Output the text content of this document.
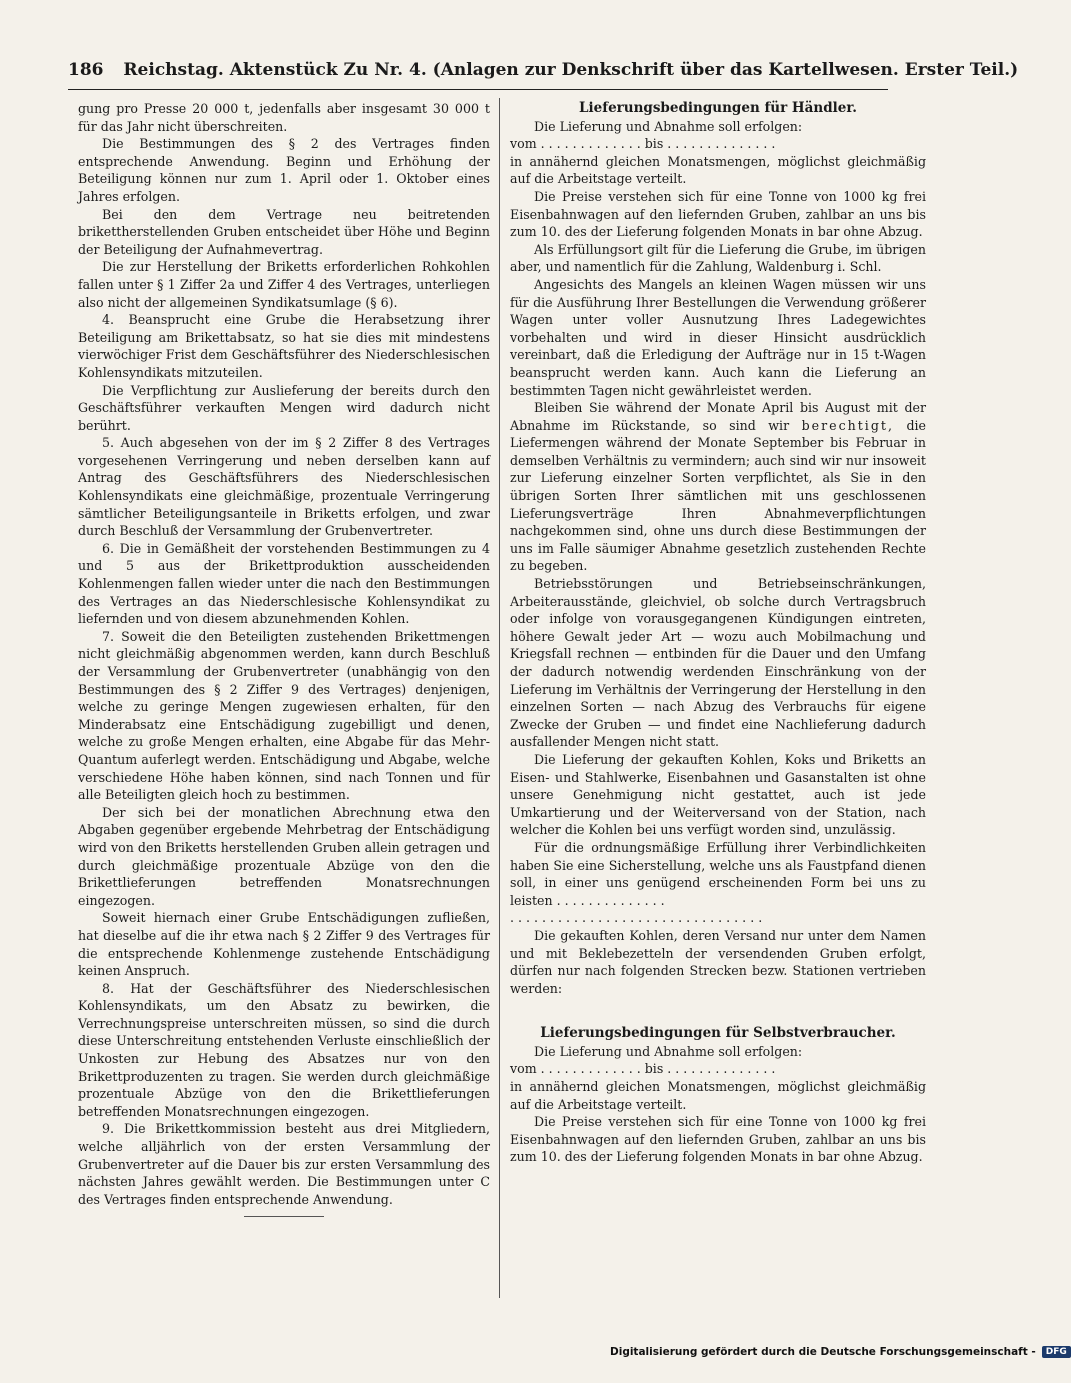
186 Reichstag. Aktenstück Zu Nr. 4. (Anlagen zur Denkschrift über das Kartellwesen. Erster Teil.)

gung pro Presse 20 000 t, jedenfalls aber insgesamt 30 000 t für das Jahr nicht überschreiten.

Die Bestimmungen des § 2 des Vertrages finden entsprechende Anwendung. Beginn und Erhöhung der Beteiligung können nur zum 1. April oder 1. Oktober eines Jahres erfolgen.

Bei den dem Vertrage neu beitretenden brikettherstellenden Gruben entscheidet über Höhe und Beginn der Beteiligung der Aufnahmevertrag.

Die zur Herstellung der Briketts erforderlichen Rohkohlen fallen unter § 1 Ziffer 2a und Ziffer 4 des Vertrages, unterliegen also nicht der allgemeinen Syndikatsumlage (§ 6).

4. Beansprucht eine Grube die Herabsetzung ihrer Beteiligung am Brikettabsatz, so hat sie dies mit mindestens vierwöchiger Frist dem Geschäftsführer des Niederschlesischen Kohlensyndikats mitzuteilen.

Die Verpflichtung zur Auslieferung der bereits durch den Geschäftsführer verkauften Mengen wird dadurch nicht berührt.

5. Auch abgesehen von der im § 2 Ziffer 8 des Vertrages vorgesehenen Verringerung und neben derselben kann auf Antrag des Geschäftsführers des Niederschlesischen Kohlensyndikats eine gleichmäßige, prozentuale Verringerung sämtlicher Beteiligungsanteile in Briketts erfolgen, und zwar durch Beschluß der Versammlung der Grubenvertreter.

6. Die in Gemäßheit der vorstehenden Bestimmungen zu 4 und 5 aus der Brikettproduktion ausscheidenden Kohlenmengen fallen wieder unter die nach den Bestimmungen des Vertrages an das Niederschlesische Kohlensyndikat zu liefernden und von diesem abzunehmenden Kohlen.

7. Soweit die den Beteiligten zustehenden Brikettmengen nicht gleichmäßig abgenommen werden, kann durch Beschluß der Versammlung der Grubenvertreter (unabhängig von den Bestimmungen des § 2 Ziffer 9 des Vertrages) denjenigen, welche zu geringe Mengen zugewiesen erhalten, für den Minderabsatz eine Entschädigung zugebilligt und denen, welche zu große Mengen erhalten, eine Abgabe für das Mehr-Quantum auferlegt werden. Entschädigung und Abgabe, welche verschiedene Höhe haben können, sind nach Tonnen und für alle Beteiligten gleich hoch zu bestimmen.

Der sich bei der monatlichen Abrechnung etwa den Abgaben gegenüber ergebende Mehrbetrag der Entschädigung wird von den Briketts herstellenden Gruben allein getragen und durch gleichmäßige prozentuale Abzüge von den die Brikettlieferungen betreffenden Monatsrechnungen eingezogen.

Soweit hiernach einer Grube Entschädigungen zufließen, hat dieselbe auf die ihr etwa nach § 2 Ziffer 9 des Vertrages für die entsprechende Kohlenmenge zustehende Entschädigung keinen Anspruch.

8. Hat der Geschäftsführer des Niederschlesischen Kohlensyndikats, um den Absatz zu bewirken, die Verrechnungspreise unterschreiten müssen, so sind die durch diese Unterschreitung entstehenden Verluste einschließlich der Unkosten zur Hebung des Absatzes nur von den Brikettproduzenten zu tragen. Sie werden durch gleichmäßige prozentuale Abzüge von den die Brikettlieferungen betreffenden Monatsrechnungen eingezogen.

9. Die Brikettkommission besteht aus drei Mitgliedern, welche alljährlich von der ersten Versammlung der Grubenvertreter auf die Dauer bis zur ersten Versammlung des nächsten Jahres gewählt werden. Die Bestimmungen unter C des Vertrages finden entsprechende Anwendung.

Lieferungsbedingungen für Händler.

Die Lieferung und Abnahme soll erfolgen:

vom . . . . . . . . . . . . . bis . . . . . . . . . . . . . .

in annähernd gleichen Monatsmengen, möglichst gleichmäßig auf die Arbeitstage verteilt.

Die Preise verstehen sich für eine Tonne von 1000 kg frei Eisenbahnwagen auf den liefernden Gruben, zahlbar an uns bis zum 10. des der Lieferung folgenden Monats in bar ohne Abzug.

Als Erfüllungsort gilt für die Lieferung die Grube, im übrigen aber, und namentlich für die Zahlung, Waldenburg i. Schl.

Angesichts des Mangels an kleinen Wagen müssen wir uns für die Ausführung Ihrer Bestellungen die Verwendung größerer Wagen unter voller Ausnutzung Ihres Ladegewichtes vorbehalten und wird in dieser Hinsicht ausdrücklich vereinbart, daß die Erledigung der Aufträge nur in 15 t-Wagen beansprucht werden kann. Auch kann die Lieferung an bestimmten Tagen nicht gewährleistet werden.

Bleiben Sie während der Monate April bis August mit der Abnahme im Rückstande, so sind wir berechtigt, die Liefermengen während der Monate September bis Februar in demselben Verhältnis zu vermindern; auch sind wir nur insoweit zur Lieferung einzelner Sorten verpflichtet, als Sie in den übrigen Sorten Ihrer sämtlichen mit uns geschlossenen Lieferungsverträge Ihren Abnahmeverpflichtungen nachgekommen sind, ohne uns durch diese Bestimmungen der uns im Falle säumiger Abnahme gesetzlich zustehenden Rechte zu begeben.

Betriebsstörungen und Betriebseinschränkungen, Arbeiterausstände, gleichviel, ob solche durch Vertragsbruch oder infolge von vorausgegangenen Kündigungen eintreten, höhere Gewalt jeder Art — wozu auch Mobilmachung und Kriegsfall rechnen — entbinden für die Dauer und den Umfang der dadurch notwendig werdenden Einschränkung von der Lieferung im Verhältnis der Verringerung der Herstellung in den einzelnen Sorten — nach Abzug des Verbrauchs für eigene Zwecke der Gruben — und findet eine Nachlieferung dadurch ausfallender Mengen nicht statt.

Die Lieferung der gekauften Kohlen, Koks und Briketts an Eisen- und Stahlwerke, Eisenbahnen und Gasanstalten ist ohne unsere Genehmigung nicht gestattet, auch ist jede Umkartierung und der Weiterversand von der Station, nach welcher die Kohlen bei uns verfügt worden sind, unzulässig.

Für die ordnungsmäßige Erfüllung ihrer Verbindlichkeiten haben Sie eine Sicherstellung, welche uns als Faustpfand dienen soll, in einer uns genügend erscheinenden Form bei uns zu leisten . . . . . . . . . . . . . .

. . . . . . . . . . . . . . . . . . . . . . . . . . . . . . . .

Die gekauften Kohlen, deren Versand nur unter dem Namen und mit Beklebezetteln der versendenden Gruben erfolgt, dürfen nur nach folgenden Strecken bezw. Stationen vertrieben werden:

Lieferungsbedingungen für Selbstverbraucher.

Die Lieferung und Abnahme soll erfolgen:

vom . . . . . . . . . . . . . bis . . . . . . . . . . . . . .

in annähernd gleichen Monatsmengen, möglichst gleichmäßig auf die Arbeitstage verteilt.

Die Preise verstehen sich für eine Tonne von 1000 kg frei Eisenbahnwagen auf den liefernden Gruben, zahlbar an uns bis zum 10. des der Lieferung folgenden Monats in bar ohne Abzug.

Digitalisierung gefördert durch die Deutsche Forschungsgemeinschaft -	DFG
